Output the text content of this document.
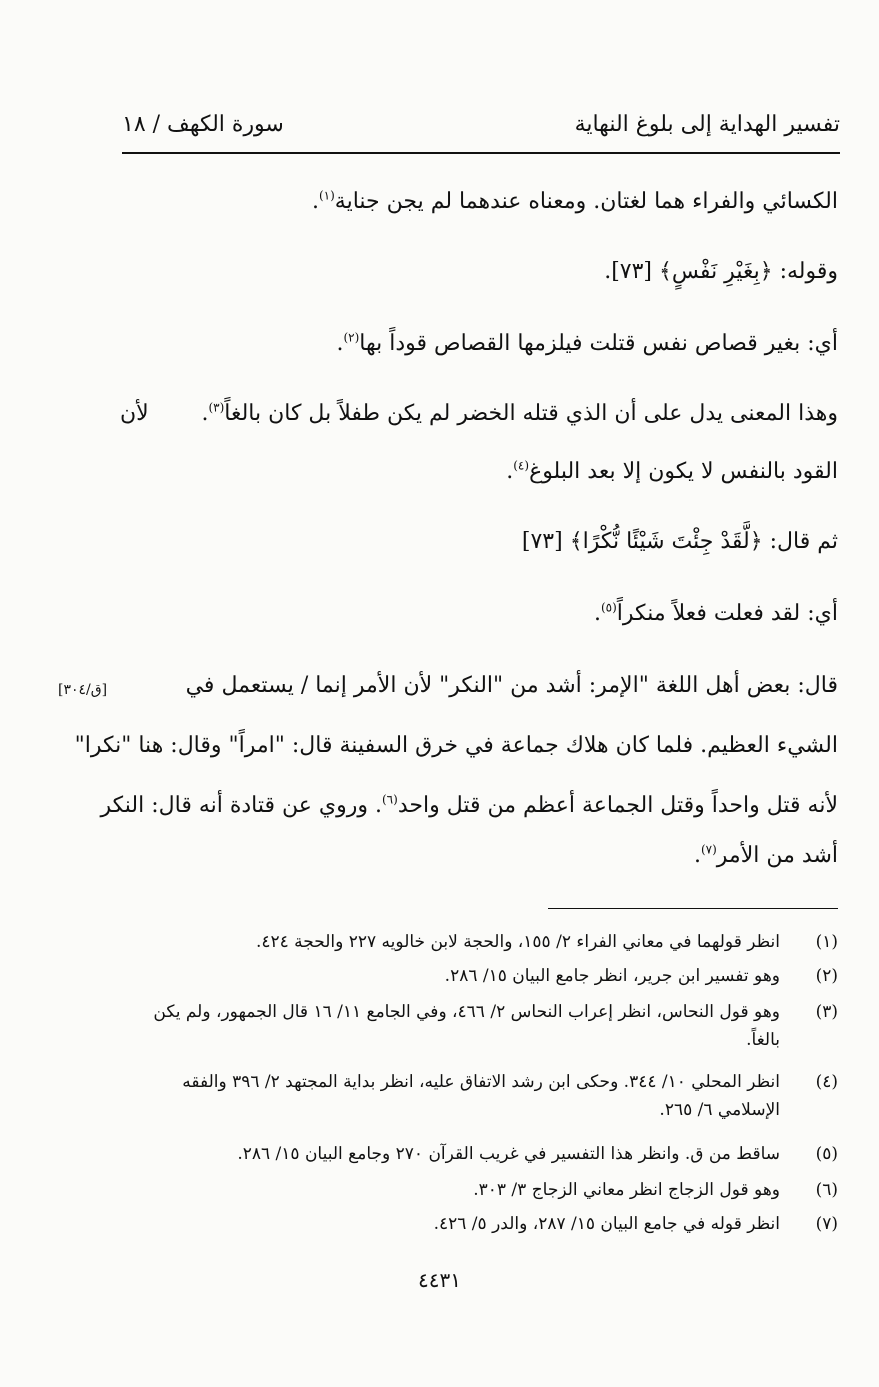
تفسير الهداية إلى بلوغ النهاية
سورة الكهف / ١٨
الكسائي والفراء هما لغتان. ومعناه عندهما لم يجن جناية$^{(١)}$.
وقوله: ﴿بِغَيْرِ نَفْسٍ﴾ [٧٣].
أي: بغير قصاص نفس قتلت فيلزمها القصاص قوداً بها$^{(٢)}$.
وهذا المعنى يدل على أن الذي قتله الخضر لم يكن طفلاً بل كان بالغاً$^{(٣)}$.
لأن
القود بالنفس لا يكون إلا بعد البلوغ$^{(٤)}$.
ثم قال: ﴿لَّقَدْ جِئْتَ شَيْئًا نُّكْرًا﴾ [٧٣]
أي: لقد فعلت فعلاً منكراً$^{(٥)}$.
قال: بعض أهل اللغة "الإمر: أشد من "النكر" لأن الأمر إنما / يستعمل في
[ق/٣٠٤]
الشيء العظيم. فلما كان هلاك جماعة في خرق السفينة قال: "امراً" وقال: هنا "نكرا"
لأنه قتل واحداً وقتل الجماعة أعظم من قتل واحد$^{(٦)}$. وروي عن قتادة أنه قال: النكر
أشد من الأمر$^{(٧)}$.
(١)
انظر قولهما في معاني الفراء ٢/ ١٥٥، والحجة لابن خالويه ٢٢٧ والحجة ٤٢٤.
(٢)
وهو تفسير ابن جرير، انظر جامع البيان ١٥/ ٢٨٦.
(٣)
وهو قول النحاس، انظر إعراب النحاس ٢/ ٤٦٦، وفي الجامع ١١/ ١٦ قال الجمهور، ولم يكن بالغاً.
(٤)
انظر المحلي ١٠/ ٣٤٤. وحكى ابن رشد الاتفاق عليه، انظر بداية المجتهد ٢/ ٣٩٦ والفقه الإسلامي ٦/ ٢٦٥.
(٥)
ساقط من ق. وانظر هذا التفسير في غريب القرآن ٢٧٠ وجامع البيان ١٥/ ٢٨٦.
(٦)
وهو قول الزجاج انظر معاني الزجاج ٣/ ٣٠٣.
(٧)
انظر قوله في جامع البيان ١٥/ ٢٨٧، والدر ٥/ ٤٢٦.
٤٤٣١
